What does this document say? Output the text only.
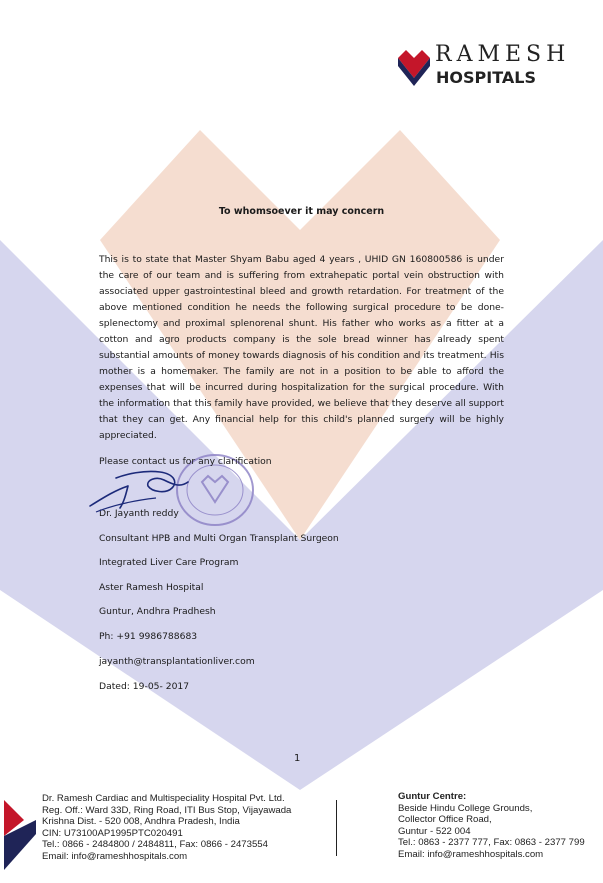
RAMESH
HOSPITALS
To whomsoever it may concern
This is to state that Master Shyam Babu aged 4 years , UHID GN 160800586 is under the care of our team and is suffering from extrahepatic portal vein obstruction with associated upper gastrointestinal bleed and growth retardation. For treatment of the above mentioned condition he needs the following surgical procedure to be done- splenectomy and proximal splenorenal shunt. His father who works as a fitter at a cotton and agro products company is the sole bread winner has already spent substantial amounts of money towards diagnosis of his condition and its treatment. His mother is a homemaker. The family are not in a position to be able to afford the expenses that will be incurred during hospitalization for the surgical procedure. With the information that this family have provided, we believe that they deserve all support that they can get. Any financial help for this child's planned surgery will be highly appreciated.
Please contact us for any clarification
Dr. Jayanth reddy
Consultant HPB and Multi Organ Transplant Surgeon
Integrated Liver Care Program
Aster Ramesh Hospital
Guntur, Andhra Pradhesh
Ph: +91 9986788683
jayanth@transplantationliver.com
Dated: 19-05- 2017
1
Dr. Ramesh Cardiac and Multispeciality Hospital Pvt. Ltd.
Reg. Off.: Ward 33D, Ring Road, ITI Bus Stop, Vijayawada
Krishna Dist. - 520 008, Andhra Pradesh, India
CIN: U73100AP1995PTC020491
Tel.: 0866 - 2484800 / 2484811, Fax: 0866 - 2473554
Email: info@rameshhospitals.com
Guntur Centre:
Beside Hindu College Grounds,
Collector Office Road,
Guntur - 522 004
Tel.: 0863 - 2377 777, Fax: 0863 - 2377 799
Email: info@rameshhospitals.com
